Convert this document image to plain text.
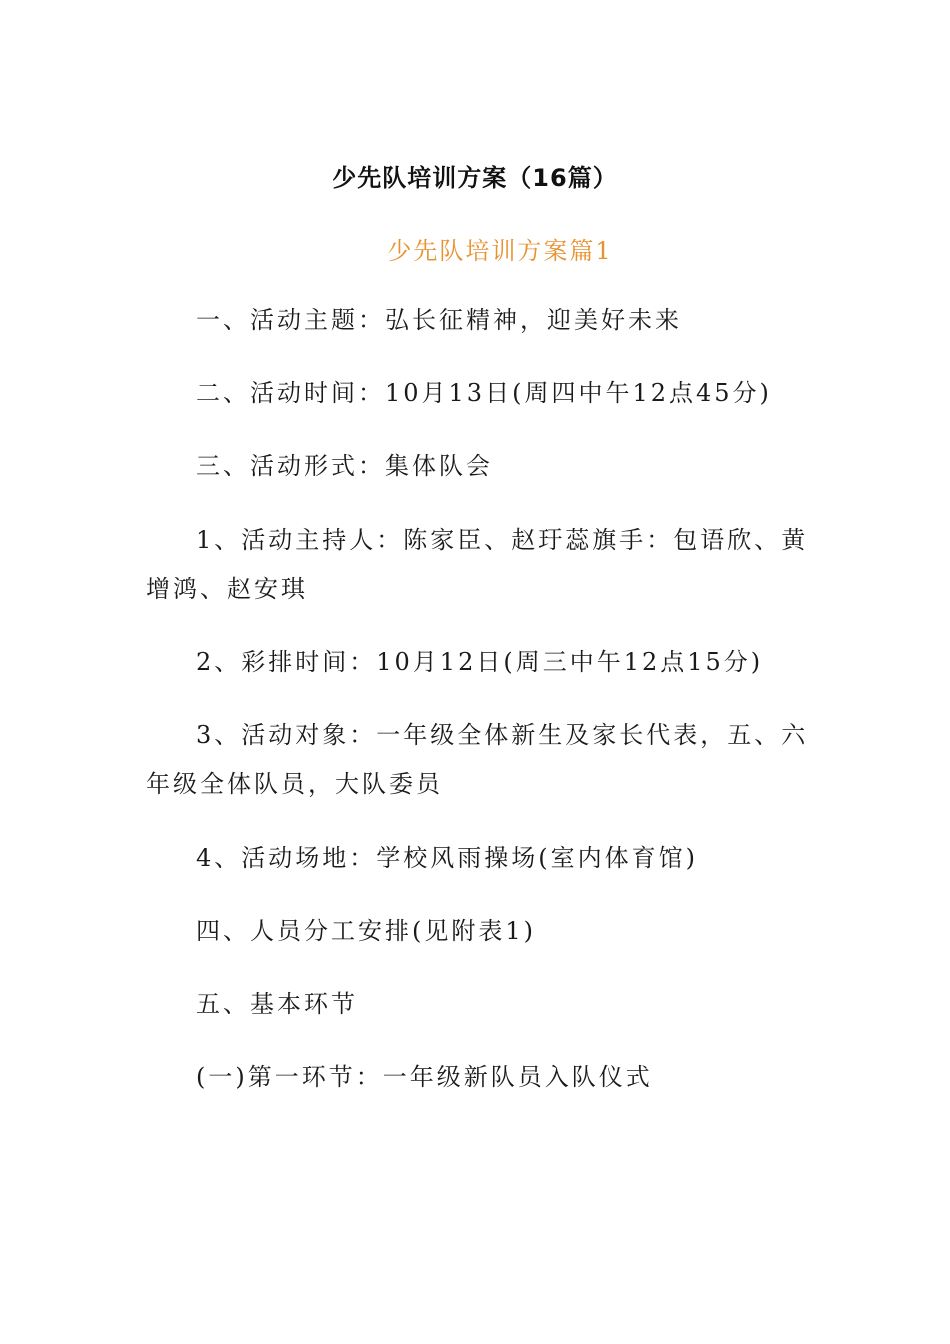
少先队培训方案（16篇）
少先队培训方案篇1

一、活动主题：弘长征精神，迎美好未来

二、活动时间：10月13日(周四中午12点45分)

三、活动形式：集体队会

1、活动主持人：陈家臣、赵玗蕊旗手：包语欣、黄增鸿、赵安琪

2、彩排时间：10月12日(周三中午12点15分)

3、活动对象：一年级全体新生及家长代表，五、六年级全体队员，大队委员

4、活动场地：学校风雨操场(室内体育馆)

四、人员分工安排(见附表1)

五、基本环节

(一)第一环节：一年级新队员入队仪式
